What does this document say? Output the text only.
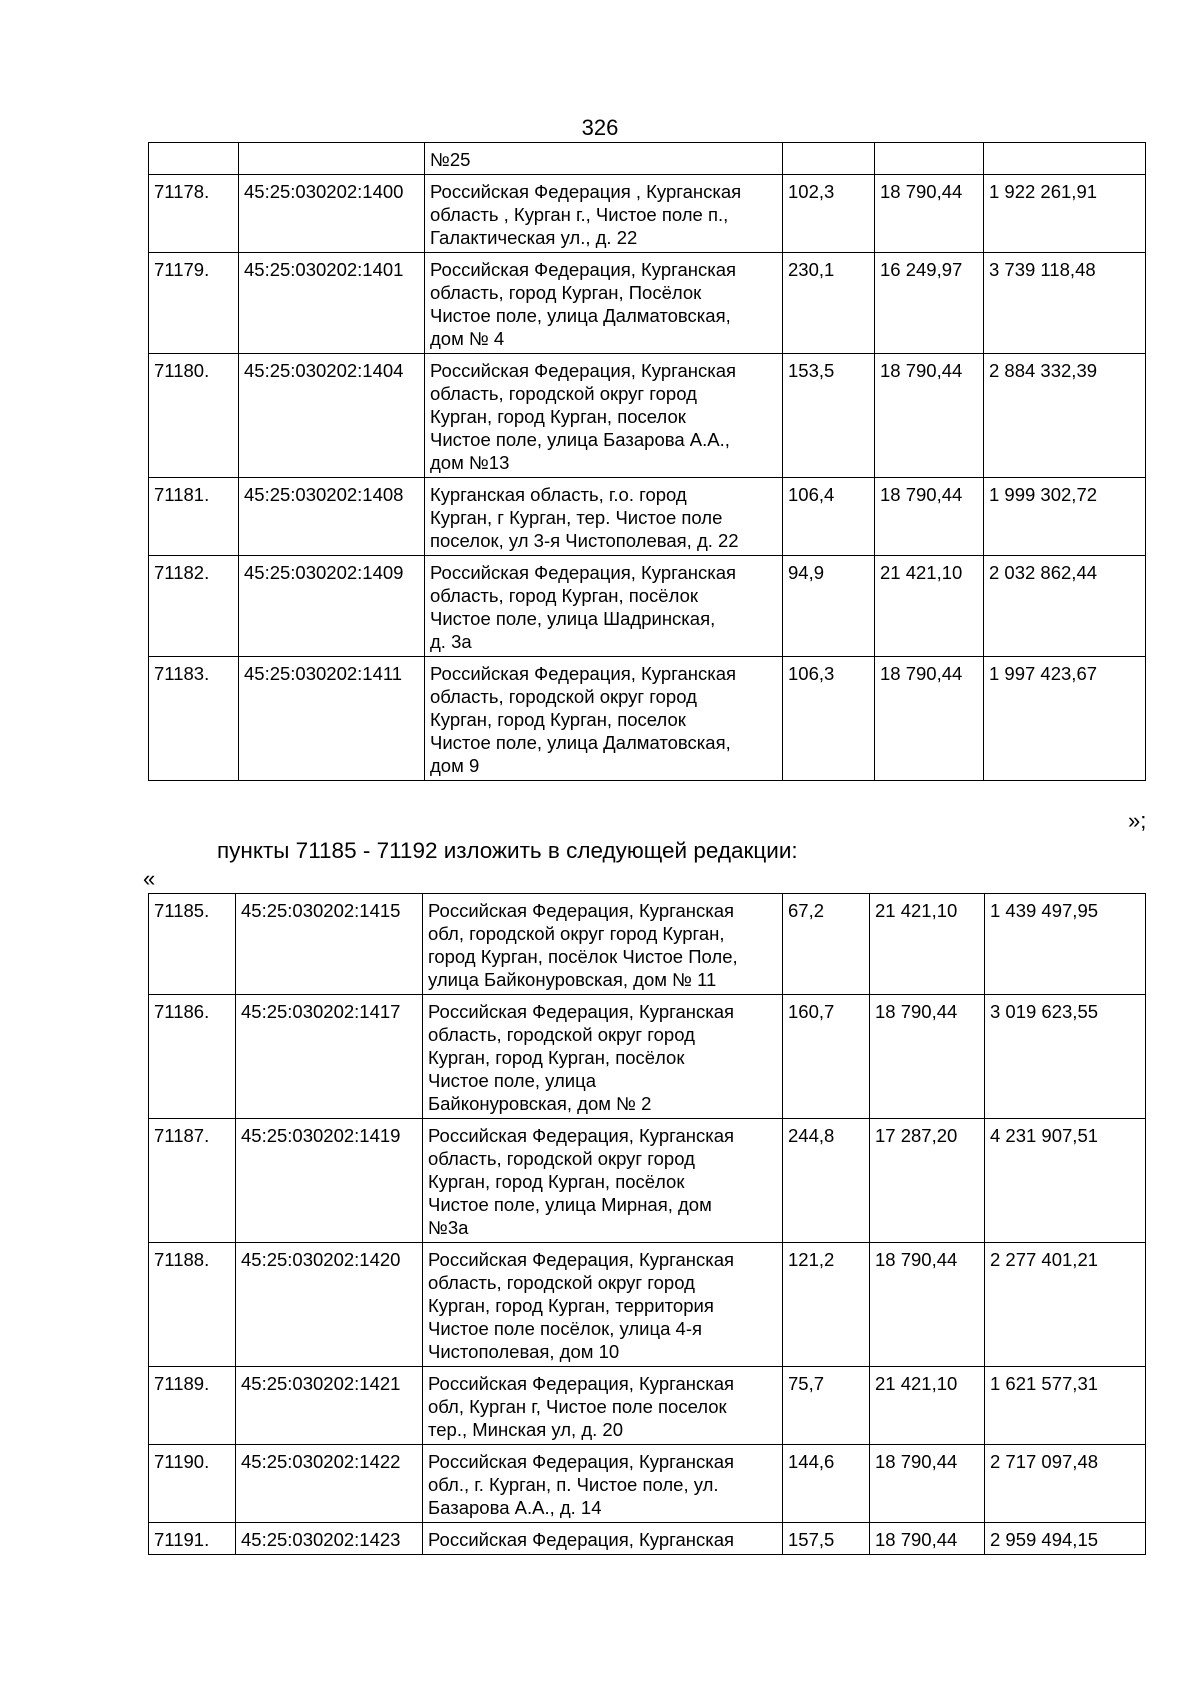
326
		№25			
71178.	45:25:030202:1400	Российская Федерация , Курганская
область , Курган г., Чистое поле п.,
Галактическая ул., д. 22	102,3	18 790,44	1 922 261,91
71179.	45:25:030202:1401	Российская Федерация, Курганская
область, город Курган, Посёлок
Чистое поле, улица Далматовская,
дом № 4	230,1	16 249,97	3 739 118,48
71180.	45:25:030202:1404	Российская Федерация, Курганская
область, городской округ город
Курган, город Курган, поселок
Чистое поле, улица Базарова А.А.,
дом №13	153,5	18 790,44	2 884 332,39
71181.	45:25:030202:1408	Курганская область, г.о. город
Курган, г Курган, тер. Чистое поле
поселок, ул 3-я Чистополевая, д. 22	106,4	18 790,44	1 999 302,72
71182.	45:25:030202:1409	Российская Федерация, Курганская
область, город Курган, посёлок
Чистое поле, улица Шадринская,
д. 3а	94,9	21 421,10	2 032 862,44
71183.	45:25:030202:1411	Российская Федерация, Курганская
область, городской округ город
Курган, город Курган, поселок
Чистое поле, улица Далматовская,
дом 9	106,3	18 790,44	1 997 423,67
»;
пункты 71185 - 71192 изложить в следующей редакции:
«
71185.	45:25:030202:1415	Российская Федерация, Курганская
обл, городской округ город Курган,
город Курган, посёлок Чистое Поле,
улица Байконуровская, дом № 11	67,2	21 421,10	1 439 497,95
71186.	45:25:030202:1417	Российская Федерация, Курганская
область, городской округ город
Курган, город Курган, посёлок
Чистое поле, улица
Байконуровская, дом № 2	160,7	18 790,44	3 019 623,55
71187.	45:25:030202:1419	Российская Федерация, Курганская
область, городской округ город
Курган, город Курган, посёлок
Чистое поле, улица Мирная, дом
№3а	244,8	17 287,20	4 231 907,51
71188.	45:25:030202:1420	Российская Федерация, Курганская
область, городской округ город
Курган, город Курган, территория
Чистое поле посёлок, улица 4-я
Чистополевая, дом 10	121,2	18 790,44	2 277 401,21
71189.	45:25:030202:1421	Российская Федерация, Курганская
обл, Курган г, Чистое поле поселок
тер., Минская ул, д. 20	75,7	21 421,10	1 621 577,31
71190.	45:25:030202:1422	Российская Федерация, Курганская
обл., г. Курган, п. Чистое поле, ул.
Базарова А.А., д. 14	144,6	18 790,44	2 717 097,48
71191.	45:25:030202:1423	Российская Федерация, Курганская	157,5	18 790,44	2 959 494,15
